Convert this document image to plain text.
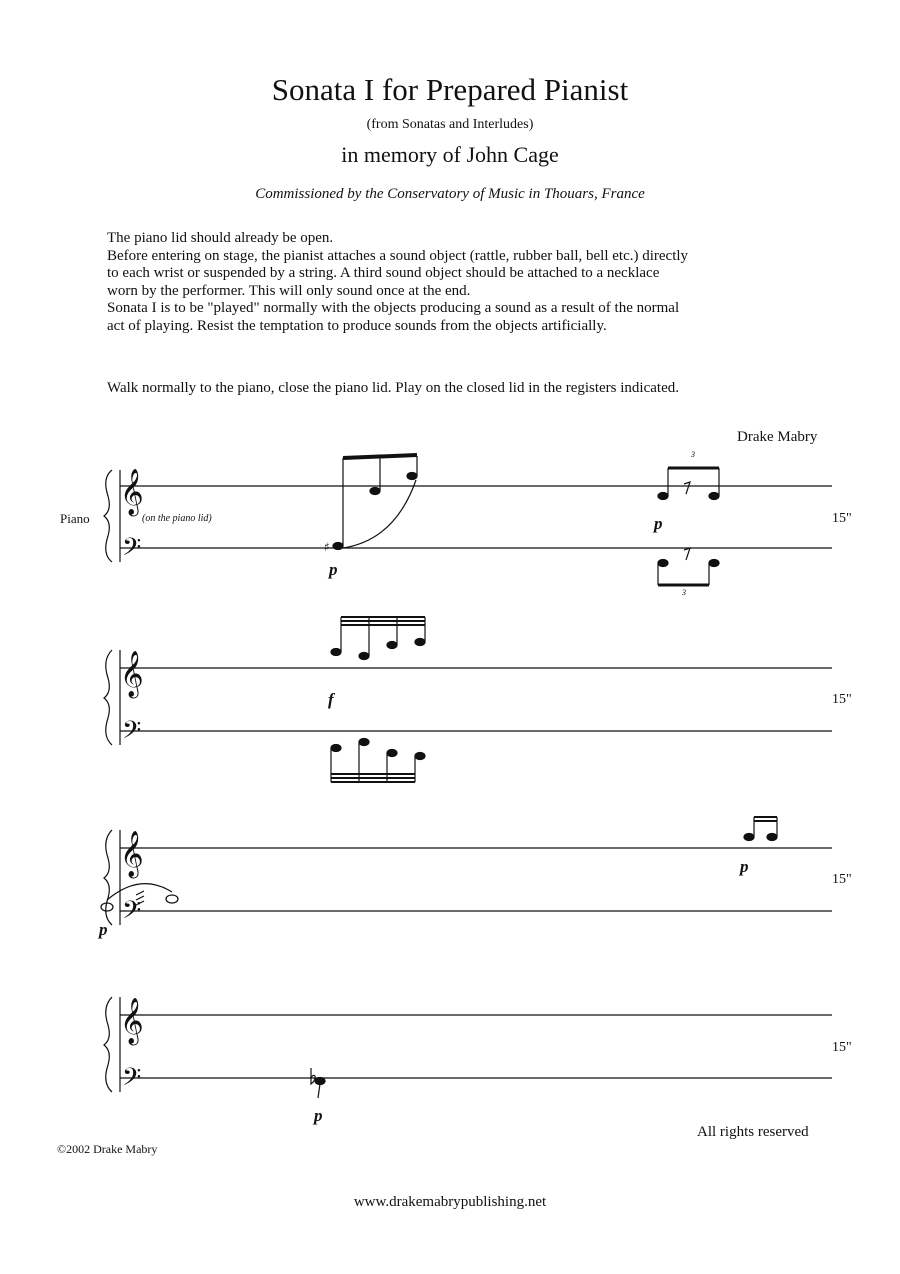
Sonata I for Prepared Pianist
(from Sonatas and Interludes)
in memory of John Cage
Commissioned by the Conservatory of Music in Thouars, France

The piano lid should already be open.

Before entering on stage, the pianist attaches a sound object (rattle, rubber ball, bell etc.) directly

to each wrist or suspended by a string. A third sound object should be attached to a necklace

worn by the performer. This will only sound once at the end.

Sonata I is to be "played" normally with the objects producing a sound as a result of the normal

act of playing. Resist the temptation to produce sounds from the objects artificially.

Walk normally to the piano, close the piano lid. Play on the closed lid in the registers indicated.
Drake Mabry
Piano	(on the piano lid)
𝄞
𝄢
𝄞
𝄢
𝄞
𝄢
𝄞
𝄢
♯
p
p
3
3
15"
f	15"
p
p
15"
p
15"
All rights reserved
©2002 Drake Mabry
www.drakemabrypublishing.net
